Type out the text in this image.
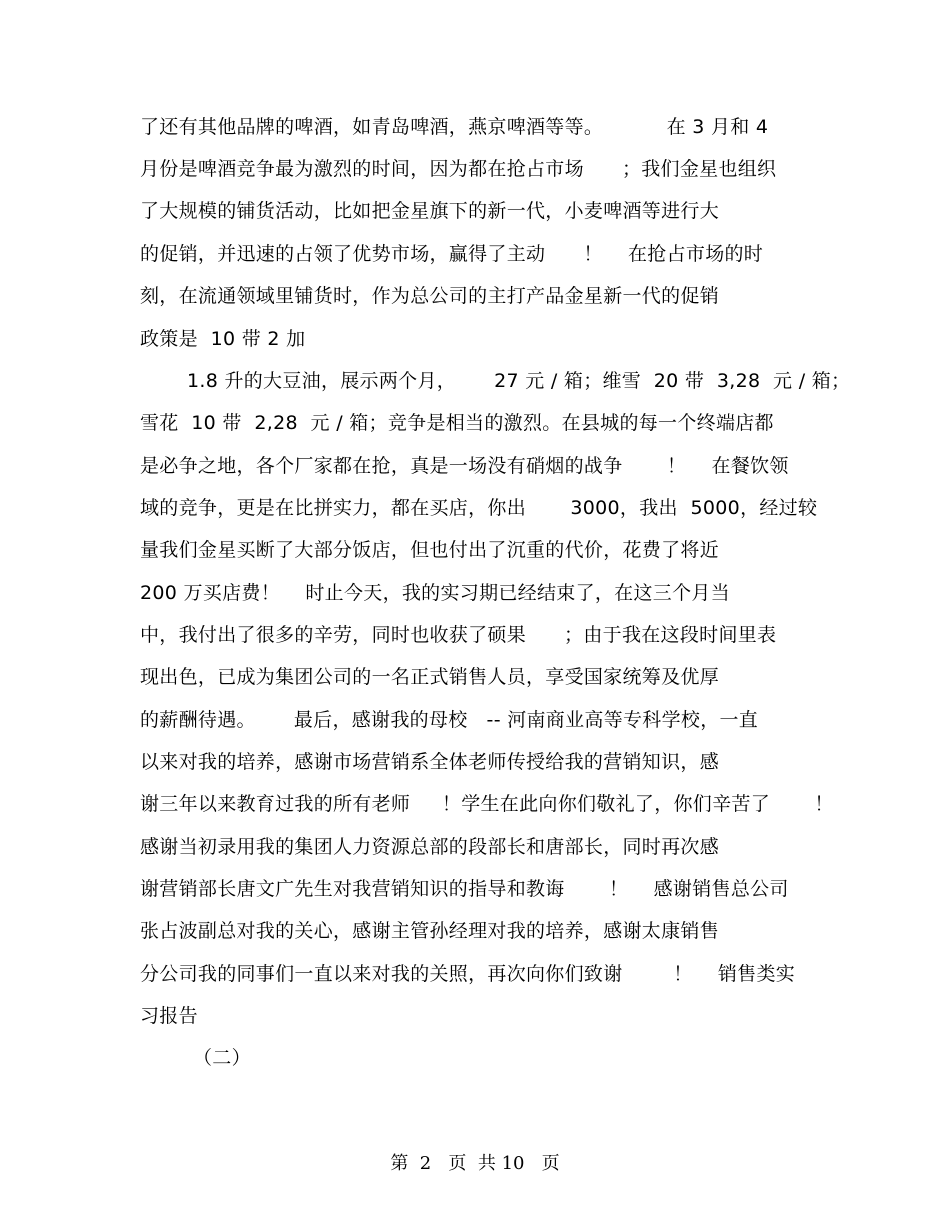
了还有其他品牌的啤酒，如青岛啤酒，燕京啤酒等等。          在 3 月和 4
月份是啤酒竞争最为激烈的时间，因为都在抢占市场      ；我们金星也组织
了大规模的铺货活动，比如把金星旗下的新一代，小麦啤酒等进行大
的促销，并迅速的占领了优势市场，赢得了主动      ！    在抢占市场的时
刻，在流通领域里铺货时，作为总公司的主打产品金星新一代的促销
政策是  10 带 2 加
1.8 升的大豆油，展示两个月，      27 元 / 箱；维雪  20 带  3,28  元 / 箱；
雪花  10 带  2,28  元 / 箱；竞争是相当的激烈。在县城的每一个终端店都
是必争之地，各个厂家都在抢，真是一场没有硝烟的战争       ！    在餐饮领
域的竞争，更是在比拼实力，都在买店，你出       3000，我出  5000，经过较
量我们金星买断了大部分饭店，但也付出了沉重的代价，花费了将近
200 万买店费！    时止今天，我的实习期已经结束了，在这三个月当
中，我付出了很多的辛劳，同时也收获了硕果      ；由于我在这段时间里表
现出色，已成为集团公司的一名正式销售人员，享受国家统筹及优厚
的薪酬待遇。      最后，感谢我的母校   -- 河南商业高等专科学校，一直
以来对我的培养，感谢市场营销系全体老师传授给我的营销知识，感
谢三年以来教育过我的所有老师     ！学生在此向你们敬礼了，你们辛苦了       ！
感谢当初录用我的集团人力资源总部的段部长和唐部长，同时再次感
谢营销部长唐文广先生对我营销知识的指导和教诲       ！    感谢销售总公司
张占波副总对我的关心，感谢主管孙经理对我的培养，感谢太康销售
分公司我的同事们一直以来对我的关照，再次向你们致谢        ！    销售类实
习报告
（二）
第  2   页  共 10   页
